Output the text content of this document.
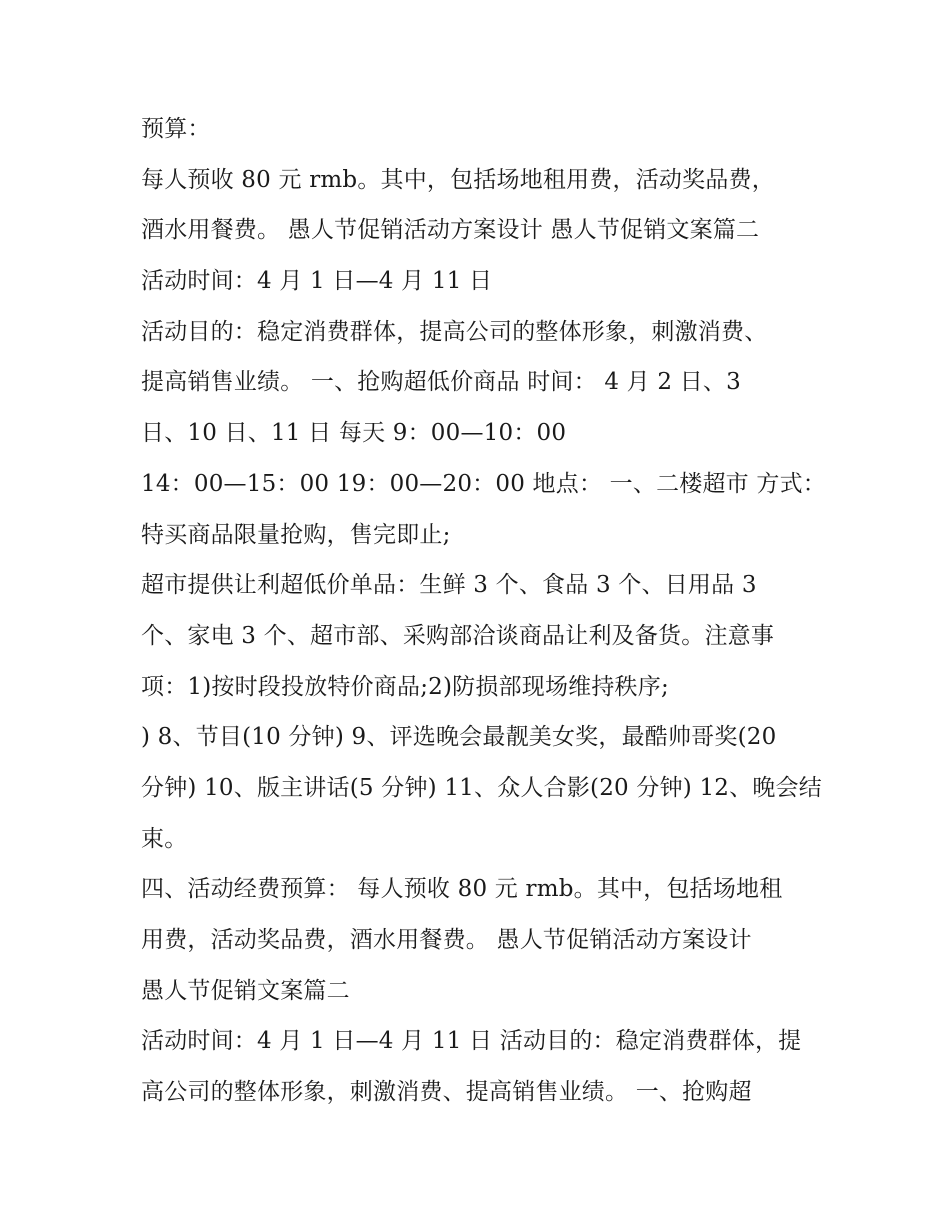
预算：
每人预收 80 元 rmb。其中，包括场地租用费，活动奖品费，
酒水用餐费。 愚人节促销活动方案设计 愚人节促销文案篇二
活动时间：4 月 1 日—4 月 11 日
活动目的：稳定消费群体，提高公司的整体形象，刺激消费、
提高销售业绩。 一、抢购超低价商品 时间： 4 月 2 日、3
日、10 日、11 日 每天 9：00—10：00
14：00—15：00 19：00—20：00 地点： 一、二楼超市 方式：
特买商品限量抢购，售完即止;
超市提供让利超低价单品：生鲜 3 个、食品 3 个、日用品 3
个、家电 3 个、超市部、采购部洽谈商品让利及备货。注意事
项：1)按时段投放特价商品;2)防损部现场维持秩序;
) 8、节目(10 分钟) 9、评选晚会最靓美女奖，最酷帅哥奖(20
分钟) 10、版主讲话(5 分钟) 11、众人合影(20 分钟) 12、晚会结
束。
四、活动经费预算： 每人预收 80 元 rmb。其中，包括场地租
用费，活动奖品费，酒水用餐费。 愚人节促销活动方案设计
愚人节促销文案篇二
活动时间：4 月 1 日—4 月 11 日 活动目的：稳定消费群体，提
高公司的整体形象，刺激消费、提高销售业绩。 一、抢购超
